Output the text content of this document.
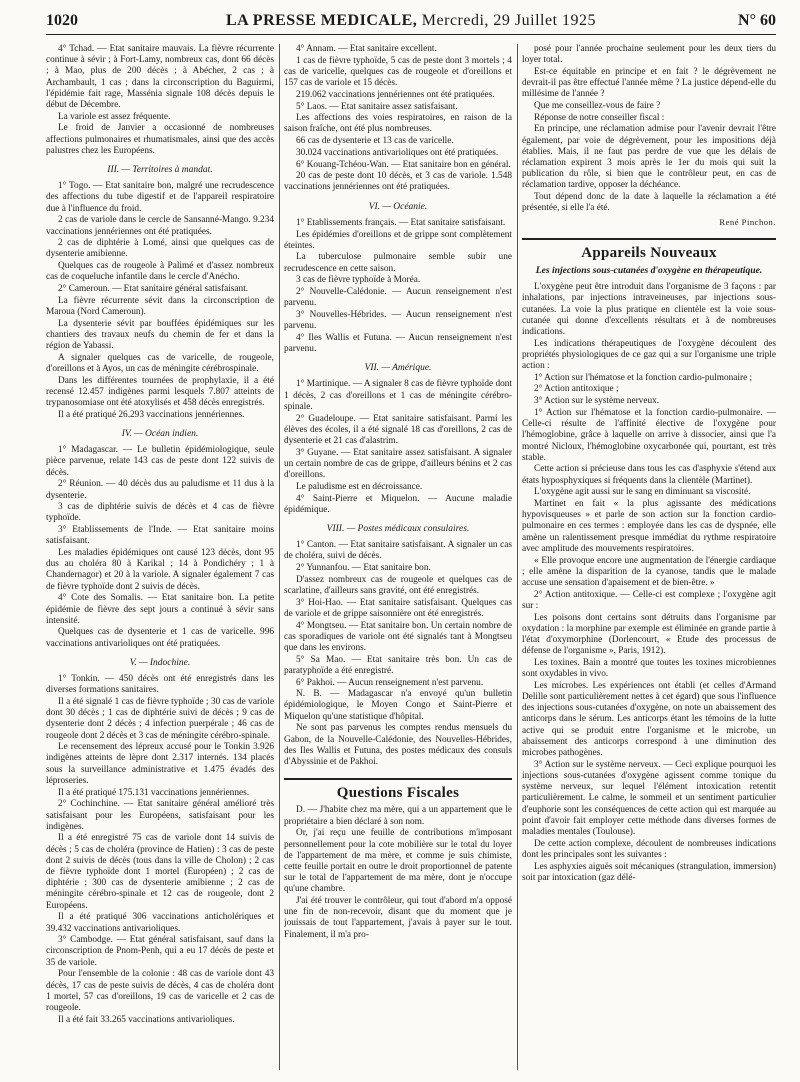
1020	LA PRESSE MEDICALE, Mercredi, 29 Juillet 1925	N° 60

4° Tchad. — Etat sanitaire mauvais. La fièvre récurrente continue à sévir ; à Fort-Lamy, nombreux cas, dont 66 décès ; à Mao, plus de 200 décès ; à Abécher, 2 cas ; à Archambault, 1 cas ; dans la circonscription du Baguirmi, l'épidémie fait rage, Massénia signale 108 décès depuis le début de Décembre.

La variole est assez fréquente.

Le froid de Janvier a occasionné de nombreuses affections pulmonaires et rhumatismales, ainsi que des accès palustres chez les Européens.

III. — Territoires à mandat.

1° Togo. — Etat sanitaire bon, malgré une recrudescence des affections du tube digestif et de l'appareil respiratoire due à l'influence du froid.

2 cas de variole dans le cercle de Sansanné-Mango. 9.234 vaccinations jennériennes ont été pratiquées.

2 cas de diphtérie à Lomé, ainsi que quelques cas de dysenterie amibienne.

Quelques cas de rougeole à Palimé et d'assez nombreux cas de coqueluche infantile dans le cercle d'Anécho.

2° Cameroun. — Etat sanitaire général satisfaisant.

La fièvre récurrente sévit dans la circonscription de Maroua (Nord Cameroun).

La dysenterie sévit par bouffées épidémiques sur les chantiers des travaux neufs du chemin de fer et dans la région de Yabassi.

A signaler quelques cas de varicelle, de rougeole, d'oreillons et à Ayos, un cas de méningite cérébrospinale.

Dans les différentes tournées de prophylaxie, il a été recensé 12.457 indigènes parmi lesquels 7.807 atteints de trypanosomiase ont été atoxylisés et 458 décès enregistrés.

Il a été pratiqué 26.293 vaccinations jennériennes.

IV. — Océan indien.

1° Madagascar. — Le bulletin épidémiologique, seule pièce parvenue, relate 143 cas de peste dont 122 suivis de décès.

2° Réunion. — 40 décès dus au paludisme et 11 dus à la dysenterie.

3 cas de diphtérie suivis de décès et 4 cas de fièvre typhoïde.

3° Etablissements de l'Inde. — Etat sanitaire moins satisfaisant.

Les maladies épidémiques ont causé 123 décès, dont 95 dus au choléra 80 à Karikal ; 14 à Pondichéry ; 1 à Chandernagor) et 20 à la variole. A signaler également 7 cas de fièvre typhoïde dont 2 suivis de décès.

4° Cote des Somalis. — Etat sanitaire bon. La petite épidémie de fièvre des sept jours a continué à sévir sans intensité.

Quelques cas de dysenterie et 1 cas de varicelle. 996 vaccinations antivarioliques ont été pratiquées.

V. — Indochine.

1° Tonkin. — 450 décès ont été enregistrés dans les diverses formations sanitaires.

Il a été signalé 1 cas de fièvre typhoïde ; 30 cas de variole dont 30 décès ; 1 cas de diphtérie suivi de décès ; 9 cas de dysenterie dont 2 décès ; 4 infection puerpérale ; 46 cas de rougeole dont 2 décès et 3 cas de méningite cérébro-spinale.

Le recensement des lépreux accusé pour le Tonkin 3.926 indigènes atteints de lèpre dont 2.317 internés. 134 placés sous la surveillance administrative et 1.475 évadés des léproseries.

Il a été pratiqué 175.131 vaccinations jennériennes.

2° Cochinchine. — Etat sanitaire général amélioré très satisfaisant pour les Européens, satisfaisant pour les indigènes.

Il a été enregistré 75 cas de variole dont 14 suivis de décès ; 5 cas de choléra (province de Hatien) : 3 cas de peste dont 2 suivis de décès (tous dans la ville de Cholon) ; 2 cas de fièvre typhoïde dont 1 mortel (Européen) ; 2 cas de diphtérie ; 300 cas de dysenterie amibienne ; 2 cas de méningite cérébro-spinale et 12 cas de rougeole, dont 2 Européens.

Il a été pratiqué 306 vaccinations anticholériques et 39.432 vaccinations antivarioliques.

3° Cambodge. — Etat général satisfaisant, sauf dans la circonscription de Pnom-Penh, qui a eu 17 décès de peste et 35 de variole.

Pour l'ensemble de la colonie : 48 cas de variole dont 43 décès, 17 cas de peste suivis de décès, 4 cas de choléra dont 1 mortel, 57 cas d'oreillons, 19 cas de varicelle et 2 cas de rougeole.

Il a été fait 33.265 vaccinations antivarioliques.

4° Annam. — Etat sanitaire excellent.

1 cas de fièvre typhoïde, 5 cas de peste dont 3 mortels ; 4 cas de varicelle, quelques cas de rougeole et d'oreillons et 157 cas de variole et 15 décès.

219.062 vaccinations jennériennes ont été pratiquées.

5° Laos. — Etat sanitaire assez satisfaisant.

Les affections des voies respiratoires, en raison de la saison fraîche, ont été plus nombreuses.

66 cas de dysenterie et 13 cas de varicelle.

30.024 vaccinations antivarioliques ont été pratiquées.

6° Kouang-Tchéou-Wan. — Etat sanitaire bon en général.

20 cas de peste dont 10 décès, et 3 cas de variole. 1.548 vaccinations jennériennes ont été pratiquées.

VI. — Océanie.

1° Etablissements français. — Etat sanitaire satisfaisant.

Les épidémies d'oreillons et de grippe sont complètement éteintes.

La tuberculose pulmonaire semble subir une recrudescence en cette saison.

3 cas de fièvre typhoïde à Moréa.

2° Nouvelle-Calédonie. — Aucun renseignement n'est parvenu.

3° Nouvelles-Hébrides. — Aucun renseignement n'est parvenu.

4° Iles Wallis et Futuna. — Aucun renseignement n'est parvenu.

VII. — Amérique.

1° Martinique. — A signaler 8 cas de fièvre typhoïde dont 1 décès, 2 cas d'oreillons et 1 cas de méningite cérébro-spinale.

2° Guadeloupe. — Etat sanitaire satisfaisant. Parmi les élèves des écoles, il a été signalé 18 cas d'oreillons, 2 cas de dysenterie et 21 cas d'alastrim.

3° Guyane. — Etat sanitaire assez satisfaisant. A signaler un certain nombre de cas de grippe, d'ailleurs bénins et 2 cas d'oreillons.

Le paludisme est en décroissance.

4° Saint-Pierre et Miquelon. — Aucune maladie épidémique.

VIII. — Postes médicaux consulaires.

1° Canton. — Etat sanitaire satisfaisant. A signaler un cas de choléra, suivi de décès.

2° Yunnanfou. — Etat sanitaire bon.

D'assez nombreux cas de rougeole et quelques cas de scarlatine, d'ailleurs sans gravité, ont été enregistrés.

3° Hoi-Hao. — Etat sanitaire satisfaisant. Quelques cas de variole et de grippe saisonnière ont été enregistrés.

4° Mongtseu. — Etat sanitaire bon. Un certain nombre de cas sporadiques de variole ont été signalés tant à Mongtseu que dans les environs.

5° Sa Mao. — Etat sanitaire très bon. Un cas de paratyphoïde a été enregistré.

6° Pakhoi. — Aucun renseignement n'est parvenu.

N. B. — Madagascar n'a envoyé qu'un bulletin épidémiologique, le Moyen Congo et Saint-Pierre et Miquelon qu'une statistique d'hôpital.

Ne sont pas parvenus les comptes rendus mensuels du Gabon, de la Nouvelle-Calédonie, des Nouvelles-Hébrides, des Iles Wallis et Futuna, des postes médicaux des consuls d'Abyssinie et de Pakhoi.

Questions Fiscales

D. — J'habite chez ma mère, qui a un appartement que le propriétaire a bien déclaré à son nom.

Or, j'ai reçu une feuille de contributions m'imposant personnellement pour la cote mobilière sur le total du loyer de l'appartement de ma mère, et comme je suis chimiste, cette feuille portait en outre le droit proportionnel de patente sur le total de l'appartement de ma mère, dont je n'occupe qu'une chambre.

J'ai été trouver le contrôleur, qui tout d'abord m'a opposé une fin de non-recevoir, disant que du moment que je jouissais de tout l'appartement, j'avais à payer sur le tout. Finalement, il m'a pro-

posé pour l'année prochaine seulement pour les deux tiers du loyer total.

Est-ce équitable en principe et en fait ? le dégrèvement ne devrait-il pas être effectué l'année même ? La justice dépend-elle du millésime de l'année ?

Que me conseillez-vous de faire ?

Réponse de notre conseiller fiscal :

En principe, une réclamation admise pour l'avenir devrait l'être également, par voie de dégrèvement, pour les impositions déjà établies. Mais, il ne faut pas perdre de vue que les délais de réclamation expirent 3 mois après le 1er du mois qui suit la publication du rôle, si bien que le contrôleur peut, en cas de réclamation tardive, opposer la déchéance.

Tout dépend donc de la date à laquelle la réclamation a été présentée, si elle l'a été.

René Pinchon.
Appareils Nouveaux
Les injections sous-cutanées d'oxygène en thérapeutique.

L'oxygène peut être introduit dans l'organisme de 3 façons : par inhalations, par injections intraveineuses, par injections sous-cutanées. La voie la plus pratique en clientèle est la voie sous-cutanée qui donne d'excellents résultats et à de nombreuses indications.

Les indications thérapeutiques de l'oxygène découlent des propriétés physiologiques de ce gaz qui a sur l'organisme une triple action :

1° Action sur l'hématose et la fonction cardio-pulmonaire ;

2° Action antitoxique ;

3° Action sur le système nerveux.

1° Action sur l'hématose et la fonction cardio-pulmonaire. — Celle-ci résulte de l'affinité élective de l'oxygène pour l'hémoglobine, grâce à laquelle on arrive à dissocier, ainsi que l'a montré Nicloux, l'hémoglobine oxycarbonée qui, pourtant, est très stable.

Cette action si précieuse dans tous les cas d'asphyxie s'étend aux états hyposphyxiques si fréquents dans la clientèle (Martinet).

L'oxygène agit aussi sur le sang en diminuant sa viscosité.

Martinet en fait « la plus agissante des médications hypovisqueuses » et parle de son action sur la fonction cardio-pulmonaire en ces termes : employée dans les cas de dyspnée, elle amène un ralentissement presque immédiat du rythme respiratoire avec amplitude des mouvements respiratoires.

« Elle provoque encore une augmentation de l'énergie cardiaque ; elle amène la disparition de la cyanose, tandis que le malade accuse une sensation d'apaisement et de bien-être. »

2° Action antitoxique. — Celle-ci est complexe ; l'oxygène agit sur :

Les poisons dont certains sont détruits dans l'organisme par oxydation : la morphine par exemple est éliminée en grande partie à l'état d'oxymorphine (Dorlencourt, « Etude des processus de défense de l'organisme », Paris, 1912).

Les toxines. Bain a montré que toutes les toxines microbiennes sont oxydables in vivo.

Les microbes. Les expériences ont établi (et celles d'Armand Delille sont particulièrement nettes à cet égard) que sous l'influence des injections sous-cutanées d'oxygène, on note un abaissement des anticorps dans le sérum. Les anticorps étant les témoins de la lutte active qui se produit entre l'organisme et le microbe, un abaissement des anticorps correspond à une diminution des microbes pathogènes.

3° Action sur le système nerveux. — Ceci explique pourquoi les injections sous-cutanées d'oxygène agissent comme tonique du système nerveux, sur lequel l'élément intoxication retentit particulièrement. Le calme, le sommeil et un sentiment particulier d'euphorie sont les conséquences de cette action qui est marquée au point d'avoir fait employer cette méthode dans diverses formes de maladies mentales (Toulouse).

De cette action complexe, découlent de nombreuses indications dont les principales sont les suivantes :

Les asphyxies aiguës soit mécaniques (strangulation, immersion) soit par intoxication (gaz délé-
